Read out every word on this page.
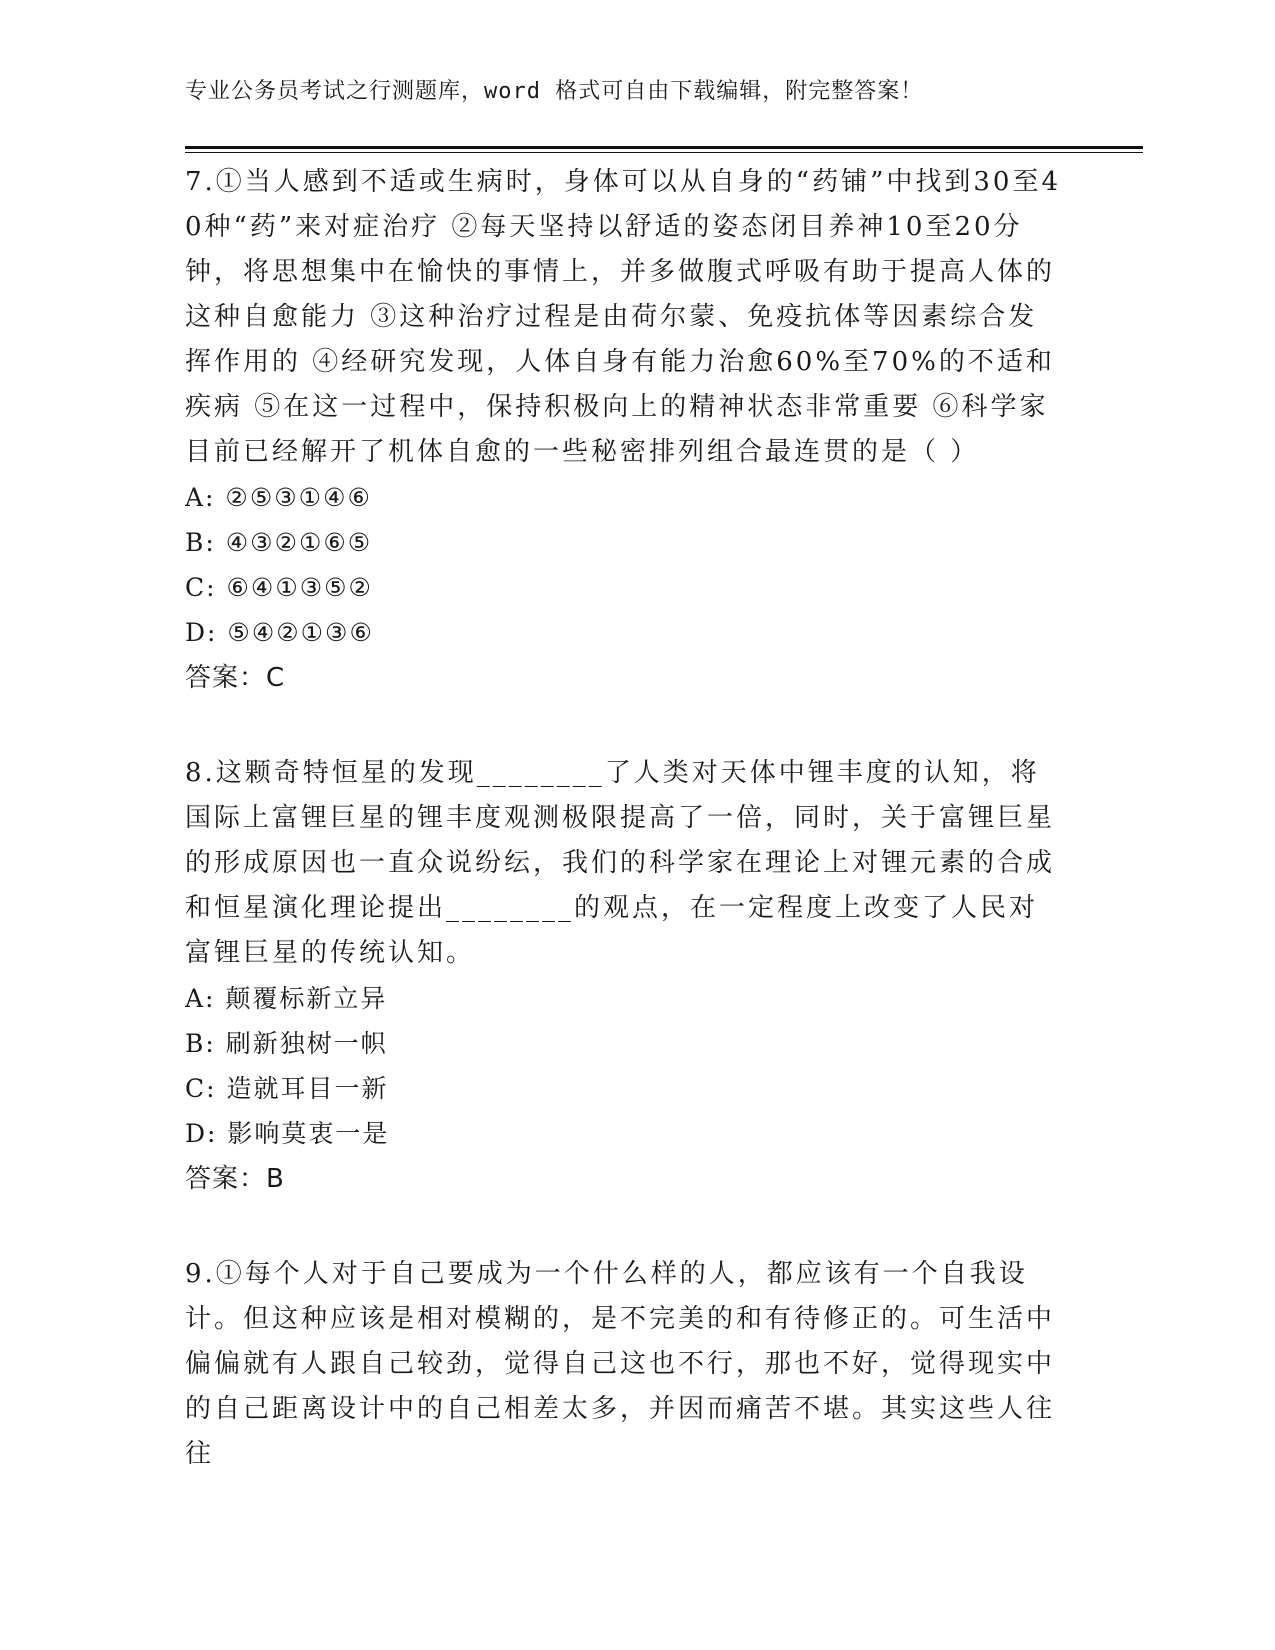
专业公务员考试之行测题库，word 格式可自由下载编辑，附完整答案！

7.①当人感到不适或生病时，身体可以从自身的“药铺”中找到30至40种“药”来对症治疗 ②每天坚持以舒适的姿态闭目养神10至20分钟，将思想集中在愉快的事情上，并多做腹式呼吸有助于提高人体的这种自愈能力 ③这种治疗过程是由荷尔蒙、免疫抗体等因素综合发挥作用的 ④经研究发现，人体自身有能力治愈60%至70%的不适和疾病 ⑤在这一过程中，保持积极向上的精神状态非常重要 ⑥科学家目前已经解开了机体自愈的一些秘密排列组合最连贯的是（ ）

A: ②⑤③①④⑥

B: ④③②①⑥⑤

C: ⑥④①③⑤②

D: ⑤④②①③⑥

答案：C

8.这颗奇特恒星的发现________了人类对天体中锂丰度的认知，将国际上富锂巨星的锂丰度观测极限提高了一倍，同时，关于富锂巨星的形成原因也一直众说纷纭，我们的科学家在理论上对锂元素的合成和恒星演化理论提出________的观点，在一定程度上改变了人民对富锂巨星的传统认知。

A: 颠覆标新立异

B: 刷新独树一帜

C: 造就耳目一新

D: 影响莫衷一是

答案：B

9.①每个人对于自己要成为一个什么样的人，都应该有一个自我设计。但这种应该是相对模糊的，是不完美的和有待修正的。可生活中偏偏就有人跟自己较劲，觉得自己这也不行，那也不好，觉得现实中的自己距离设计中的自己相差太多，并因而痛苦不堪。其实这些人往往
